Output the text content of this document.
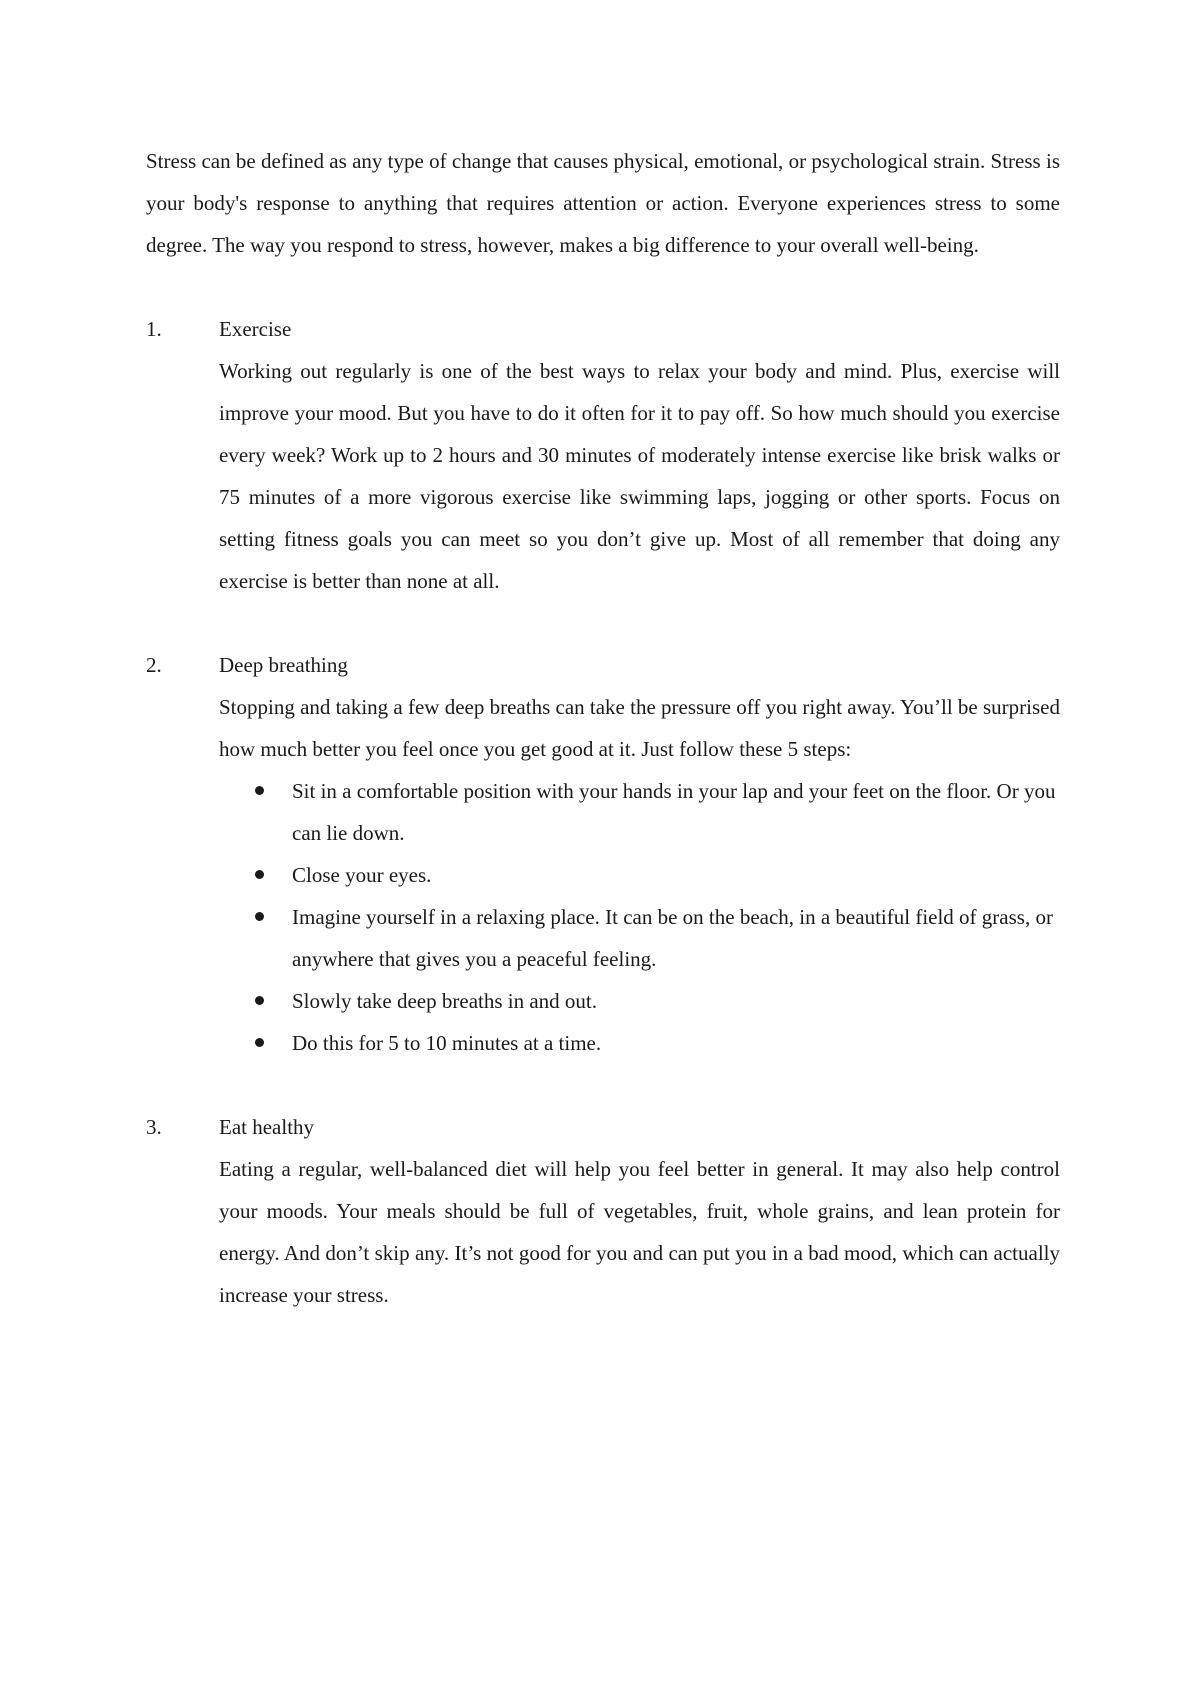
Stress can be defined as any type of change that causes physical, emotional, or psychological strain. Stress is your body's response to anything that requires attention or action. Everyone experiences stress to some degree. The way you respond to stress, however, makes a big difference to your overall well-being.

1.	Exercise

Working out regularly is one of the best ways to relax your body and mind. Plus, exercise will improve your mood. But you have to do it often for it to pay off. So how much should you exercise every week? Work up to 2 hours and 30 minutes of moderately intense exercise like brisk walks or 75 minutes of a more vigorous exercise like swimming laps, jogging or other sports. Focus on setting fitness goals you can meet so you don’t give up. Most of all remember that doing any exercise is better than none at all.

2.	Deep breathing

Stopping and taking a few deep breaths can take the pressure off you right away. You’ll be surprised how much better you feel once you get good at it. Just follow these 5 steps:

Sit in a comfortable position with your hands in your lap and your feet on the floor. Or you can lie down.
Close your eyes.
Imagine yourself in a relaxing place. It can be on the beach, in a beautiful field of grass, or anywhere that gives you a peaceful feeling.
Slowly take deep breaths in and out.
Do this for 5 to 10 minutes at a time.
3.	Eat healthy

Eating a regular, well-balanced diet will help you feel better in general. It may also help control your moods. Your meals should be full of vegetables, fruit, whole grains, and lean protein for energy. And don’t skip any. It’s not good for you and can put you in a bad mood, which can actually increase your stress.
